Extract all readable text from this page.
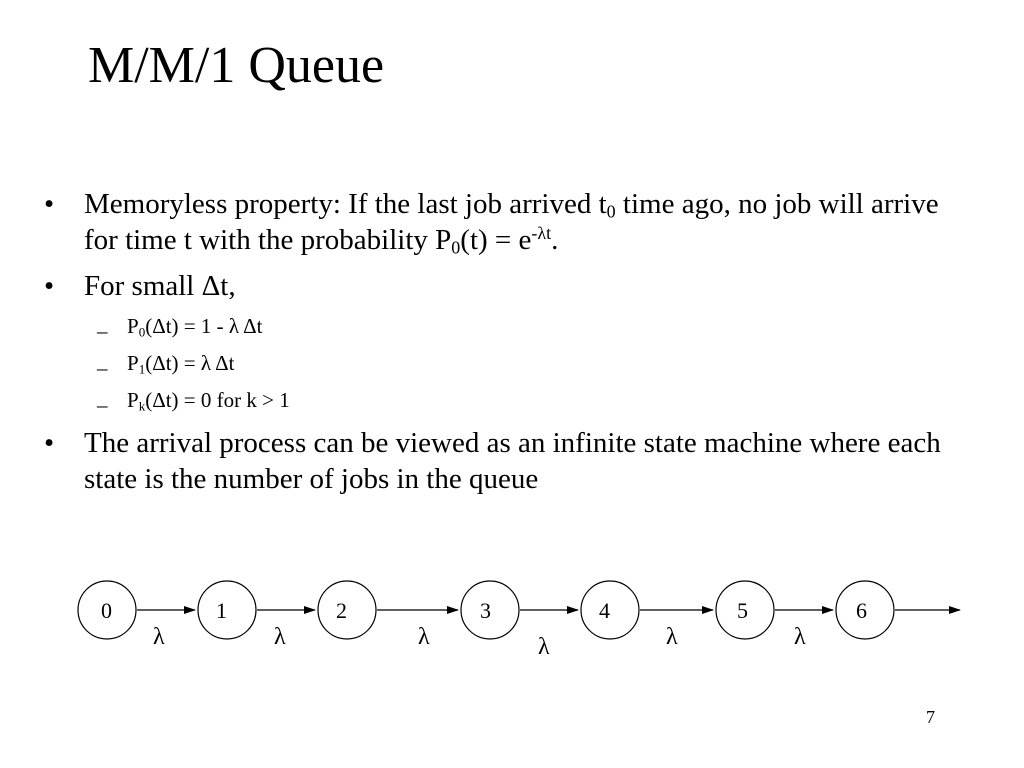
M/M/1 Queue
• Memoryless property: If the last job arrived $t_0$ time ago, no job will arrive for time t with the probability $P_0(t) = e^{-\lambda t}$.
• For small Δt,
– $P_0(\Delta t) = 1 - \lambda$ Δt
– $P_1(\Delta t) = \lambda$ Δt
– $P_k(\Delta t) = 0$ for k > 1
• The arrival process can be viewed as an infinite state machine where each state is the number of jobs in the queue
0	1	2	3	4	5	6
λ	λ	λ	λ	λ	λ
7
